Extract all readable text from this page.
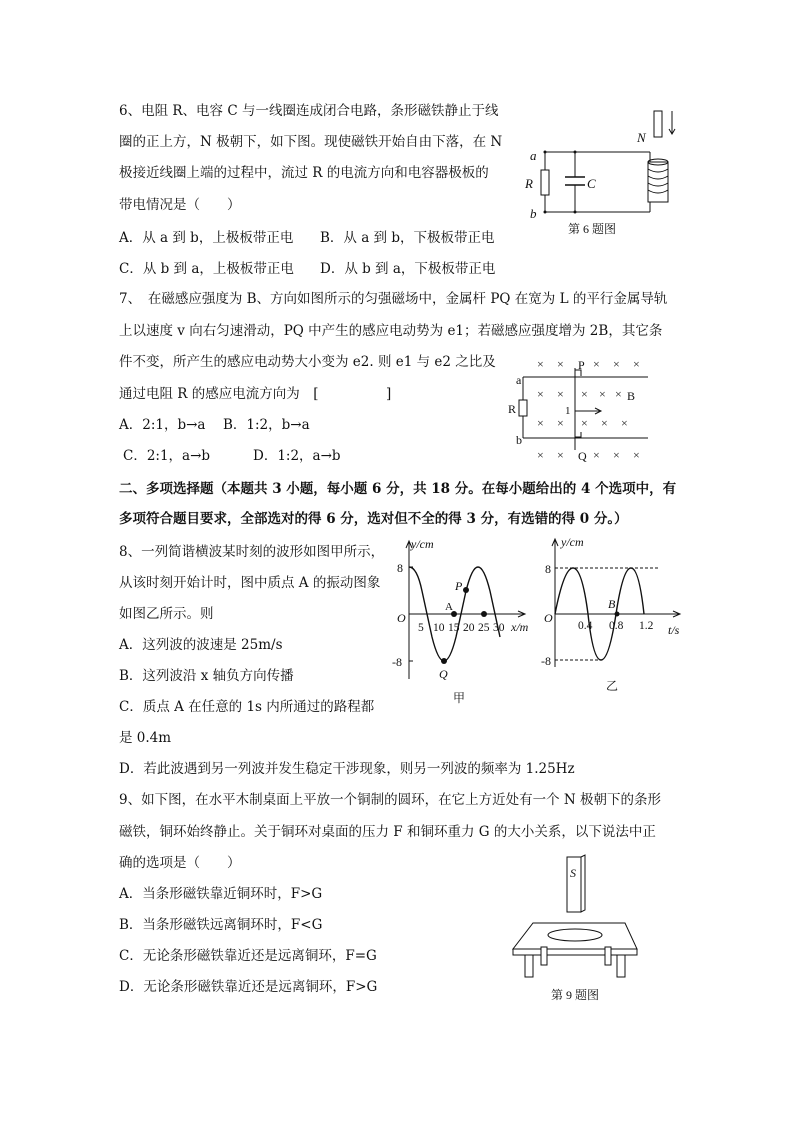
6、电阻 R、电容 C 与一线圈连成闭合电路，条形磁铁静止于线
圈的正上方，N 极朝下，如下图。现使磁铁开始自由下落，在 N
极接近线圈上端的过程中，流过 R 的电流方向和电容器极板的
带电情况是（　　）
A．从 a 到 b，上极板带正电 B．从 a 到 b，下极板带正电
C．从 b 到 a，上极板带正电 D．从 b 到 a，下极板带正电
a
b
R	C
N
第 6 题图
7、　在磁感应强度为 B、方向如图所示的匀强磁场中，金属杆 PQ 在宽为 L 的平行金属导轨
上以速度 v 向右匀速滑动，PQ 中产生的感应电动势为 e1；若磁感应强度增为 2B，其它条
件不变，所产生的感应电动势大小变为 e2. 则 e1 与 e2 之比及
通过电阻 R 的感应电流方向为　[　　　　　]
A．2:1，b→a B．1:2，b→a
C．2:1，a→b	D．1:2，a→b
× × × × ×
× × × × ×
× × × × ×
× × × × ×
P
Q
a
b
R
B
1
二、多项选择题（本题共 3 小题，每小题 6 分，共 18 分。在每小题给出的 4 个选项中，有
多项符合题目要求，全部选对的得 6 分，选对但不全的得 3 分，有选错的得 0 分。）
8、一列简谐横波某时刻的波形如图甲所示，
从该时刻开始计时，图中质点 A 的振动图象
如图乙所示。则
A．这列波的波速是 25m/s
B．这列波沿 x 轴负方向传播
C．质点 A 在任意的 1s 内所通过的路程都
是 0.4m
D．若此波遇到另一列波并发生稳定干涉现象，则另一列波的频率为 1.25Hz
y/cm
x/m
O
8
-8
5 10 15 20 25 30
P
A
Q
甲
y/cm
t/s
O
8
-8
0.4 0.8 1.2
B
乙
9、如下图，在水平木制桌面上平放一个铜制的圆环，在它上方近处有一个 N 极朝下的条形
磁铁，铜环始终静止。关于铜环对桌面的压力 F 和铜环重力 G 的大小关系，以下说法中正
确的选项是（　　）
A．当条形磁铁靠近铜环时，F>G
B．当条形磁铁远离铜环时，F<G
C．无论条形磁铁靠近还是远离铜环，F=G
D．无论条形磁铁靠近还是远离铜环，F>G
S
第 9 题图
